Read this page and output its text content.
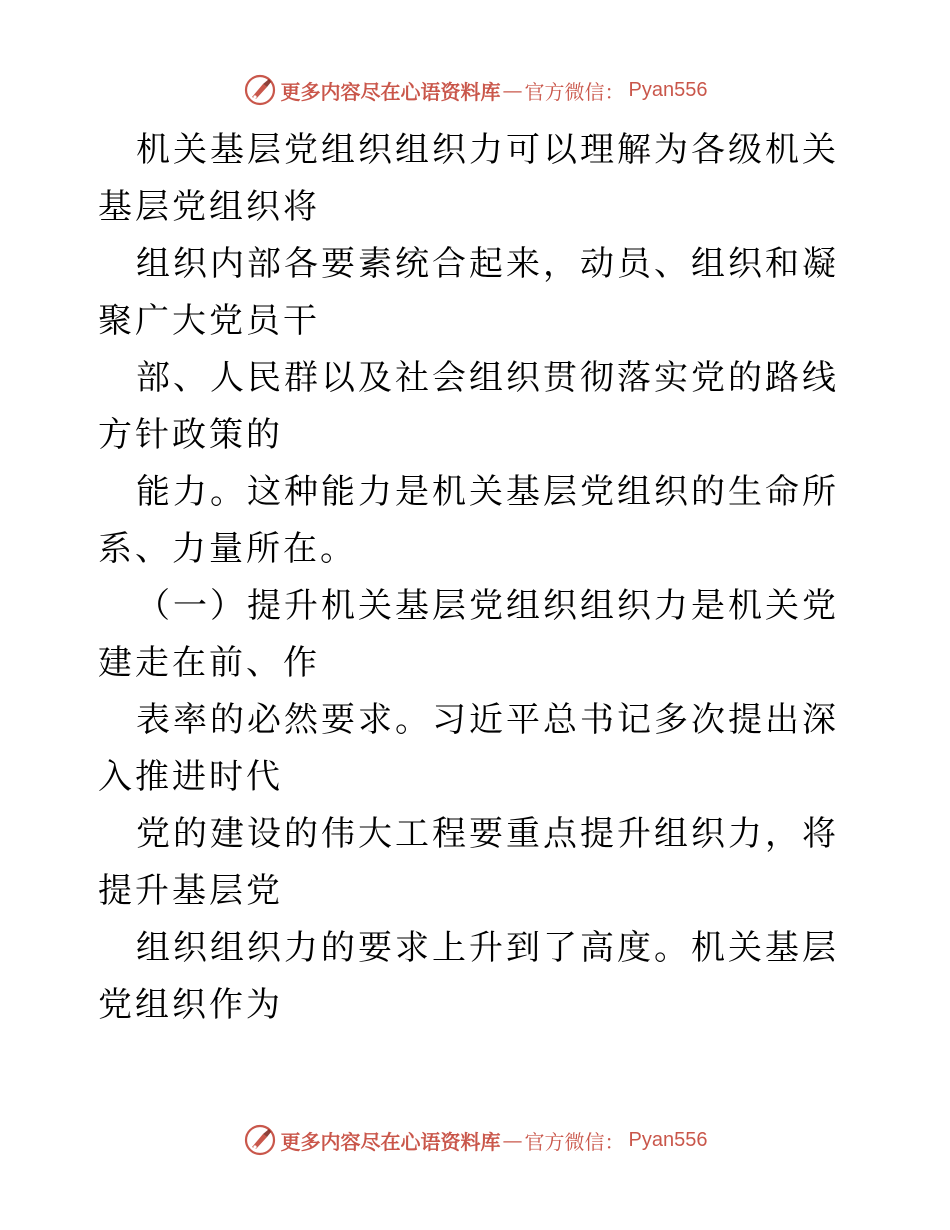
更多内容尽在心语资料库 — 官方微信： Pyan556

机关基层党组织组织力可以理解为各级机关基层党组织将

组织内部各要素统合起来，动员、组织和凝聚广大党员干

部、人民群以及社会组织贯彻落实党的路线方针政策的

能力。这种能力是机关基层党组织的生命所系、力量所在。

（一）提升机关基层党组织组织力是机关党建走在前、作

表率的必然要求。习近平总书记多次提出深入推进时代

党的建设的伟大工程要重点提升组织力，将提升基层党

组织组织力的要求上升到了高度。机关基层党组织作为

更多内容尽在心语资料库 — 官方微信： Pyan556
